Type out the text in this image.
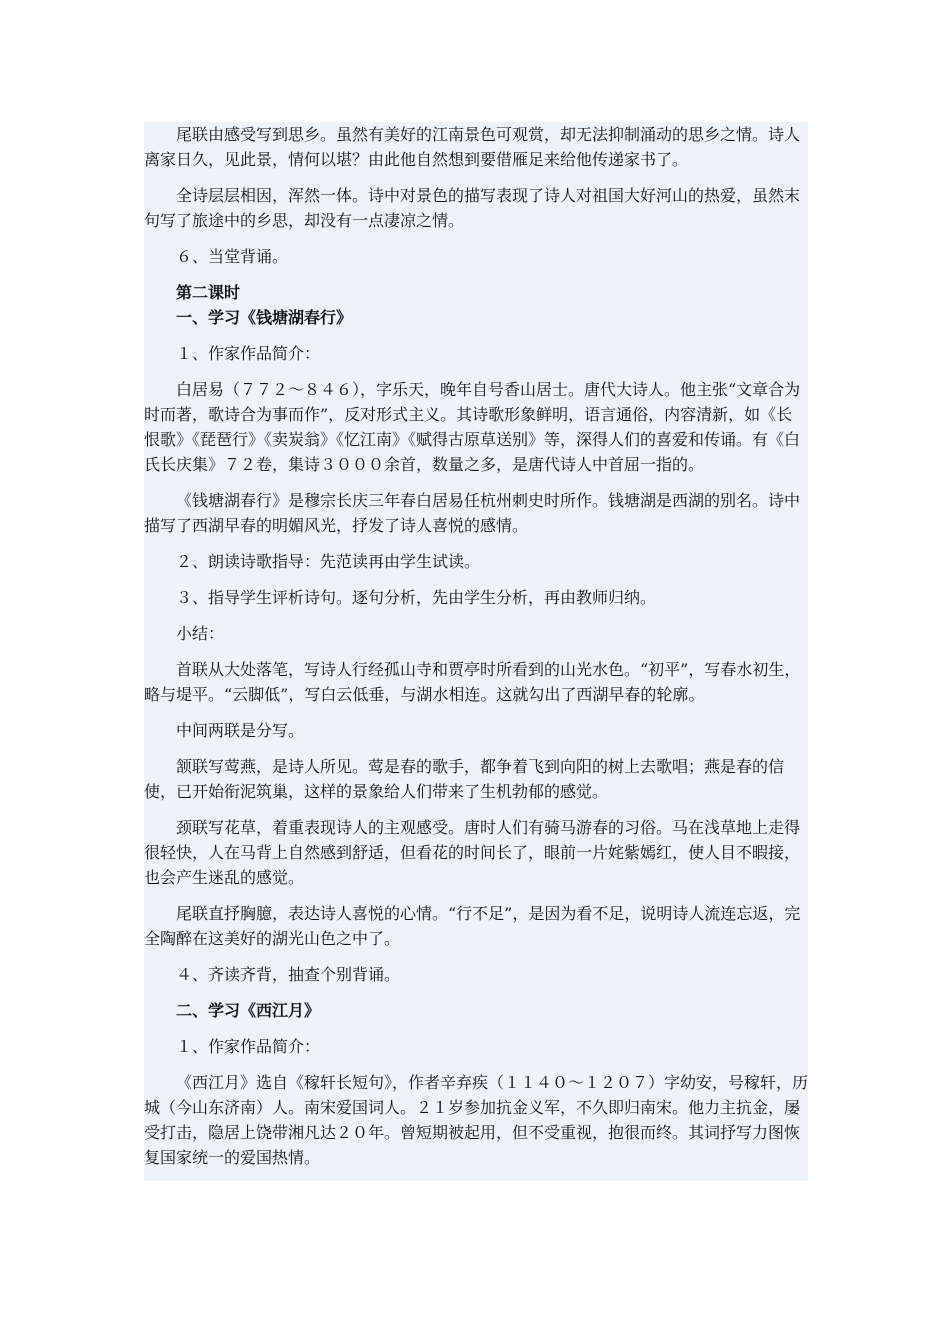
尾联由感受写到思乡。虽然有美好的江南景色可观赏，却无法抑制涌动的思乡之情。诗人离家日久，见此景，情何以堪？由此他自然想到要借雁足来给他传递家书了。

全诗层层相因，浑然一体。诗中对景色的描写表现了诗人对祖国大好河山的热爱，虽然末句写了旅途中的乡思，却没有一点凄凉之情。

６、当堂背诵。

第二课时

一、学习《钱塘湖春行》

１、作家作品简介：

白居易（７７２～８４６），字乐天，晚年自号香山居士。唐代大诗人。他主张“文章合为时而著，歌诗合为事而作”，反对形式主义。其诗歌形象鲜明，语言通俗，内容清新，如《长恨歌》《琵琶行》《卖炭翁》《忆江南》《赋得古原草送别》等，深得人们的喜爱和传诵。有《白氏长庆集》７２卷，集诗３０００余首，数量之多，是唐代诗人中首屈一指的。

《钱塘湖春行》是穆宗长庆三年春白居易任杭州刺史时所作。钱塘湖是西湖的别名。诗中描写了西湖早春的明媚风光，抒发了诗人喜悦的感情。

２、朗读诗歌指导：先范读再由学生试读。

３、指导学生评析诗句。逐句分析，先由学生分析，再由教师归纳。

小结：

首联从大处落笔，写诗人行经孤山寺和贾亭时所看到的山光水色。“初平”，写春水初生，略与堤平。“云脚低”，写白云低垂，与湖水相连。这就勾出了西湖早春的轮廓。

中间两联是分写。

颔联写莺燕，是诗人所见。莺是春的歌手，都争着飞到向阳的树上去歌唱；燕是春的信使，已开始衔泥筑巢，这样的景象给人们带来了生机勃郁的感觉。

颈联写花草，着重表现诗人的主观感受。唐时人们有骑马游春的习俗。马在浅草地上走得很轻快，人在马背上自然感到舒适，但看花的时间长了，眼前一片姹紫嫣红，使人目不暇接，也会产生迷乱的感觉。

尾联直抒胸臆，表达诗人喜悦的心情。“行不足”，是因为看不足，说明诗人流连忘返，完全陶醉在这美好的湖光山色之中了。

４、齐读齐背，抽查个别背诵。

二、学习《西江月》

１、作家作品简介：

《西江月》选自《稼轩长短句》，作者辛弃疾（１１４０～１２０７）字幼安，号稼轩，历城（今山东济南）人。南宋爱国词人。２１岁参加抗金义军，不久即归南宋。他力主抗金，屡受打击，隐居上饶带湘凡达２０年。曾短期被起用，但不受重视，抱很而终。其词抒写力图恢复国家统一的爱国热情。
